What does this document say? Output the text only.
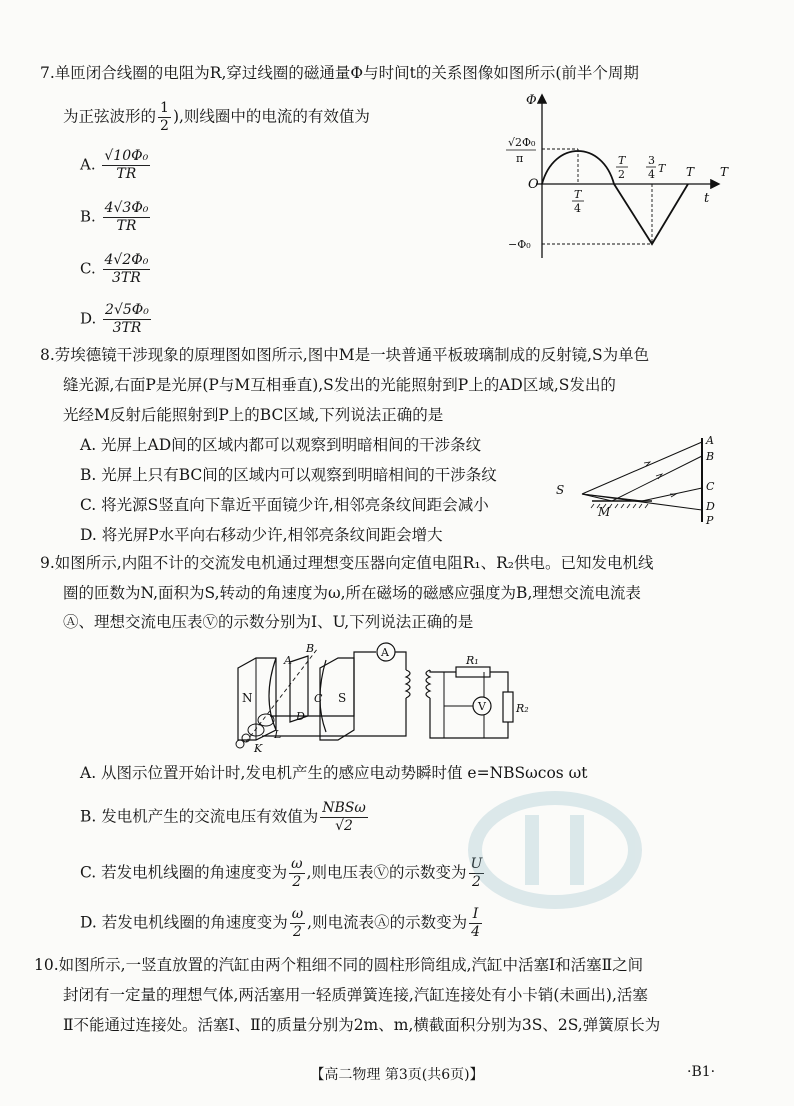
7.单匝闭合线圈的电阻为R,穿过线圈的磁通量Φ与时间t的关系图像如图所示(前半个周期
为正弦波形的 $\frac{1}{2}$ ),则线圈中的电流的有效值为
A. $\frac{\text{√10Φ₀}}{TR}$
B. $\frac{\text{4√3Φ₀}}{TR}$
C. $\frac{\text{4√2Φ₀}}{3TR}$
D. $\frac{\text{2√5Φ₀}}{3TR}$
Φ
t
O
√2Φ₀
π
−Φ₀
T
4
T
2
3
4 T T T
8.劳埃德镜干涉现象的原理图如图所示,图中M是一块普通平板玻璃制成的反射镜,S为单色
缝光源,右面P是光屏(P与M互相垂直),S发出的光能照射到P上的AD区域,S发出的
光经M反射后能照射到P上的BC区域,下列说法正确的是
A. 光屏上AD间的区域内都可以观察到明暗相间的干涉条纹
B. 光屏上只有BC间的区域内可以观察到明暗相间的干涉条纹
C. 将光源S竖直向下靠近平面镜少许,相邻亮条纹间距会减小
D. 将光屏P水平向右移动少许,相邻亮条纹间距会增大
S
M
A
B
C
D
P
9.如图所示,内阻不计的交流发电机通过理想变压器向定值电阻R₁、R₂供电。已知发电机线
圈的匝数为N,面积为S,转动的角速度为ω,所在磁场的磁感应强度为B,理想交流电流表
Ⓐ、理想交流电压表Ⓥ的示数分别为I、U,下列说法正确的是
N	S
A
B
C
D
K
L
A
R₁
R₂
V
A. 从图示位置开始计时,发电机产生的感应电动势瞬时值 e=NBSωcos ωt
B. 发电机产生的交流电压有效值为 $\frac{\text{NBSω}}{√2}$
C. 若发电机线圈的角速度变为 $\frac{\omega}{2}$ ,则电压表Ⓥ的示数变为 $\frac{U}{2}$
D. 若发电机线圈的角速度变为 $\frac{\omega}{2}$ ,则电流表Ⓐ的示数变为 $\frac{I}{4}$
10.如图所示,一竖直放置的汽缸由两个粗细不同的圆柱形筒组成,汽缸中活塞Ⅰ和活塞Ⅱ之间
封闭有一定量的理想气体,两活塞用一轻质弹簧连接,汽缸连接处有小卡销(未画出),活塞
Ⅱ不能通过连接处。活塞Ⅰ、Ⅱ的质量分别为2m、m,横截面积分别为3S、2S,弹簧原长为
【高二物理 第3页(共6页)】	·B1·
